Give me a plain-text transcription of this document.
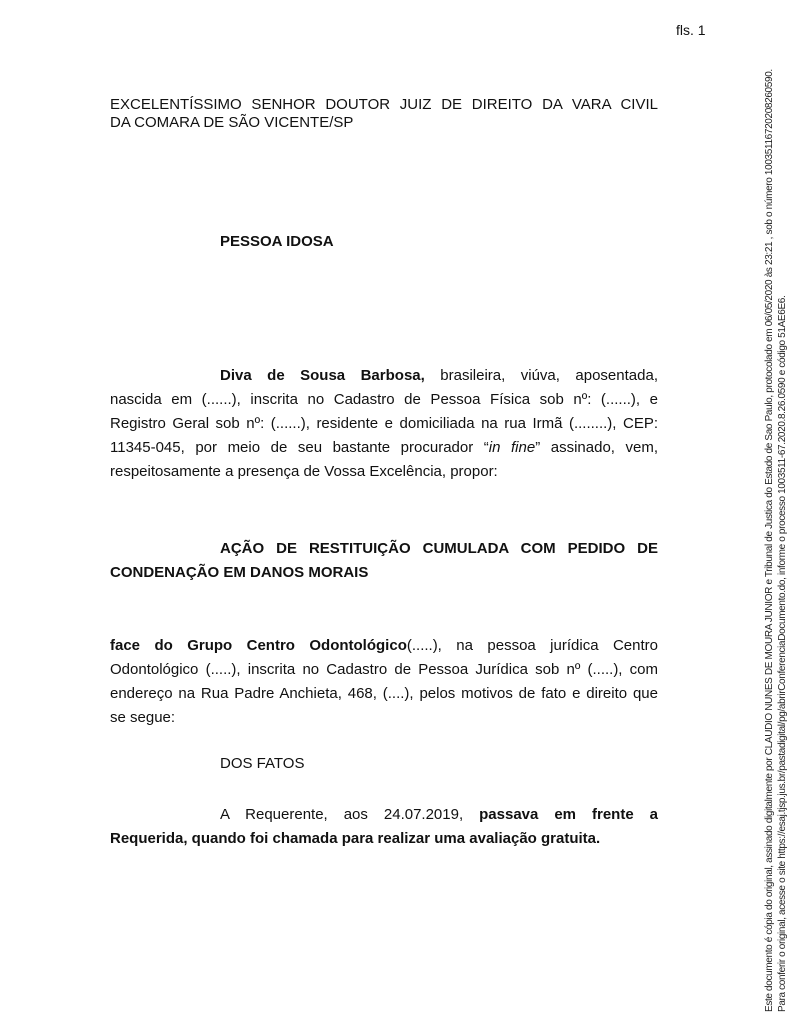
fls. 1
EXCELENTÍSSIMO SENHOR DOUTOR JUIZ DE DIREITO DA VARA CIVIL
DA COMARA DE SÃO VICENTE/SP
PESSOA IDOSA
Diva de Sousa Barbosa, brasileira, viúva, aposentada,
nascida em (......), inscrita no Cadastro de Pessoa Física sob nº: (......), e
Registro Geral sob nº: (......), residente e domiciliada na rua Irmã (........), CEP:
11345-045, por meio de seu bastante procurador “in fine” assinado, vem,
respeitosamente a presença de Vossa Excelência, propor:
AÇÃO DE RESTITUIÇÃO CUMULADA COM PEDIDO DE
CONDENAÇÃO EM DANOS MORAIS
face do Grupo Centro Odontológico(.....), na pessoa jurídica Centro
Odontológico (.....), inscrita no Cadastro de Pessoa Jurídica sob nº (.....), com
endereço na Rua Padre Anchieta, 468, (....), pelos motivos de fato e direito que
se segue:
DOS FATOS
A Requerente, aos 24.07.2019, passava em frente a
Requerida, quando foi chamada para realizar uma avaliação gratuita.	Este documento é cópia do original, assinado digitalmente por CLAUDIO NUNES DE MOURA JUNIOR e Tribunal de Justica do Estado de Sao Paulo, protocolado em 06/05/2020 às 23:21 , sob o número 10035116720208260590. Para conferir o original, acesse o site https://esaj.tjsp.jus.br/pastadigital/pg/abrirConferenciaDocumento.do, informe o processo 1003511-67.2020.8.26.0590 e código 51AE6E6.
